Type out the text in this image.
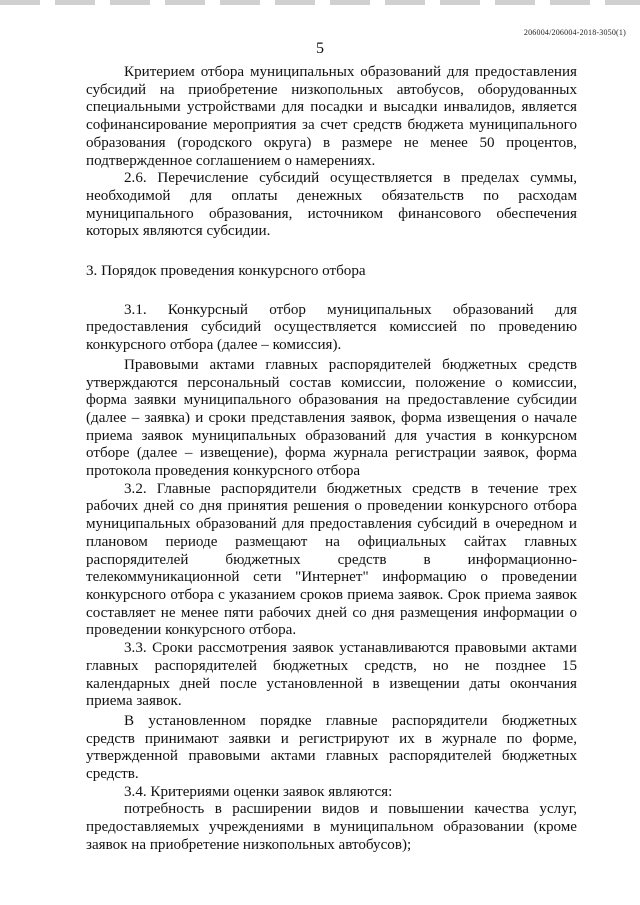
206004/206004-2018-3050(1)
5

Критерием отбора муниципальных образований для предоставления субсидий на приобретение низкопольных автобусов, оборудованных специальными устройствами для посадки и высадки инвалидов, является софинансирование мероприятия за счет средств бюджета муниципального образования (городского округа) в размере не менее 50 процентов, подтвержденное соглашением о намерениях.

2.6. Перечисление субсидий осуществляется в пределах суммы, необходимой для оплаты денежных обязательств по расходам муниципального образования, источником финансового обеспечения которых являются субсидии.

3. Порядок проведения конкурсного отбора

3.1. Конкурсный отбор муниципальных образований для предоставления субсидий осуществляется комиссией по проведению конкурсного отбора (далее – комиссия).

Правовыми актами главных распорядителей бюджетных средств утверждаются персональный состав комиссии, положение о комиссии, форма заявки муниципального образования на предоставление субсидии (далее – заявка) и сроки представления заявок, форма извещения о начале приема заявок муниципальных образований для участия в конкурсном отборе (далее – извещение), форма журнала регистрации заявок, форма протокола проведения конкурсного отбора

3.2. Главные распорядители бюджетных средств в течение трех рабочих дней со дня принятия решения о проведении конкурсного отбора муниципальных образований для предоставления субсидий в очередном и плановом периоде размещают на официальных сайтах главных распорядителей бюджетных средств в информационно-телекоммуникационной сети "Интернет" информацию о проведении конкурсного отбора с указанием сроков приема заявок. Срок приема заявок составляет не менее пяти рабочих дней со дня размещения информации о проведении конкурсного отбора.

3.3. Сроки рассмотрения заявок устанавливаются правовыми актами главных распорядителей бюджетных средств, но не позднее 15 календарных дней после установленной в извещении даты окончания приема заявок.

В установленном порядке главные распорядители бюджетных средств принимают заявки и регистрируют их в журнале по форме, утвержденной правовыми актами главных распорядителей бюджетных средств.

3.4. Критериями оценки заявок являются:

потребность в расширении видов и повышении качества услуг, предоставляемых учреждениями в муниципальном образовании (кроме заявок на приобретение низкопольных автобусов);
